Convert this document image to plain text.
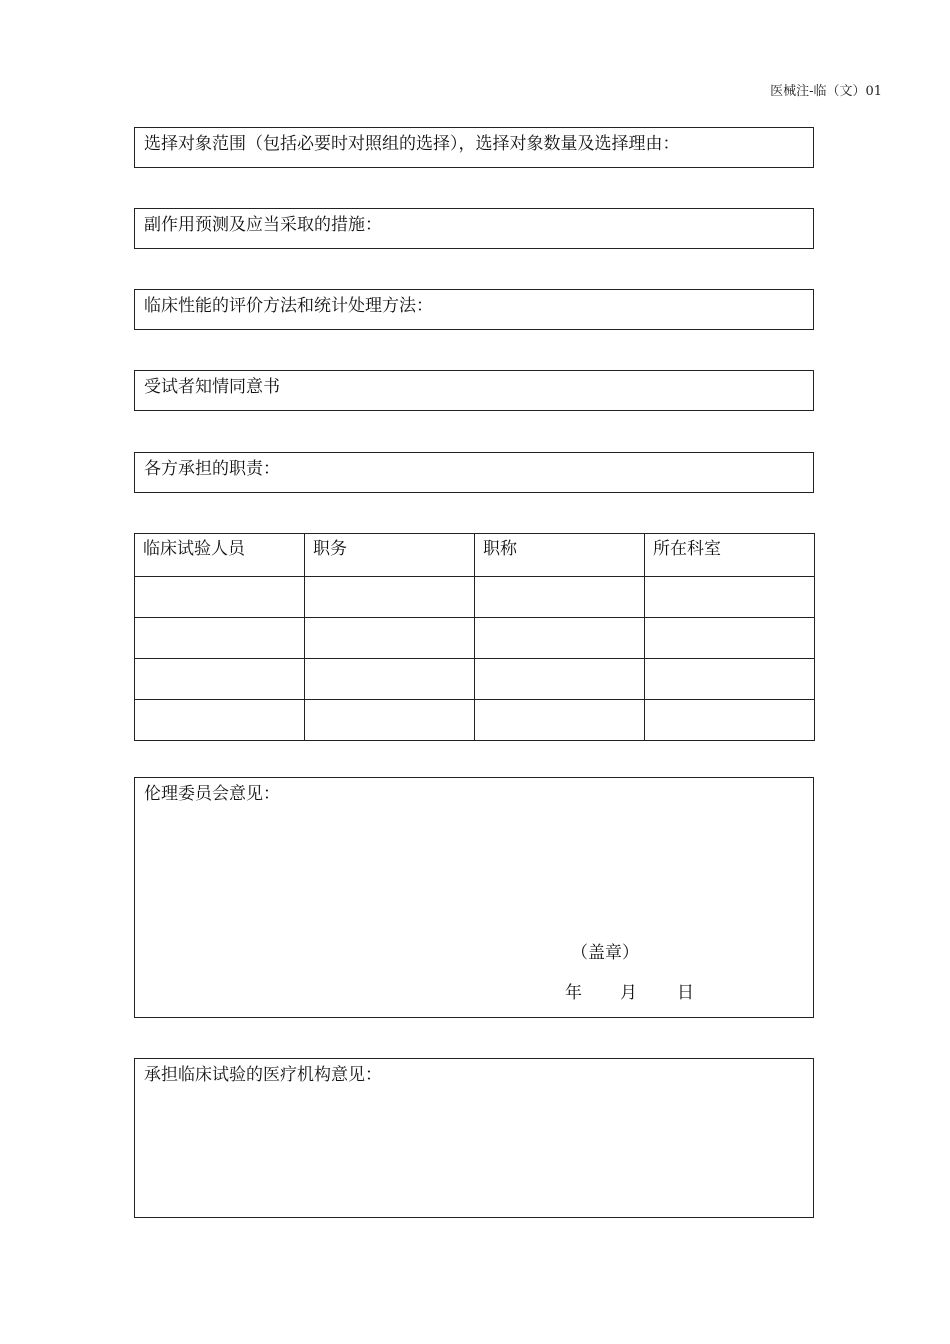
医械注-临（文）01
选择对象范围（包括必要时对照组的选择），选择对象数量及选择理由：
副作用预测及应当采取的措施：
临床性能的评价方法和统计处理方法：
受试者知情同意书
各方承担的职责：
临床试验人员	职务	职称	所在科室

伦理委员会意见：
（盖章）
年 月 日
承担临床试验的医疗机构意见：
